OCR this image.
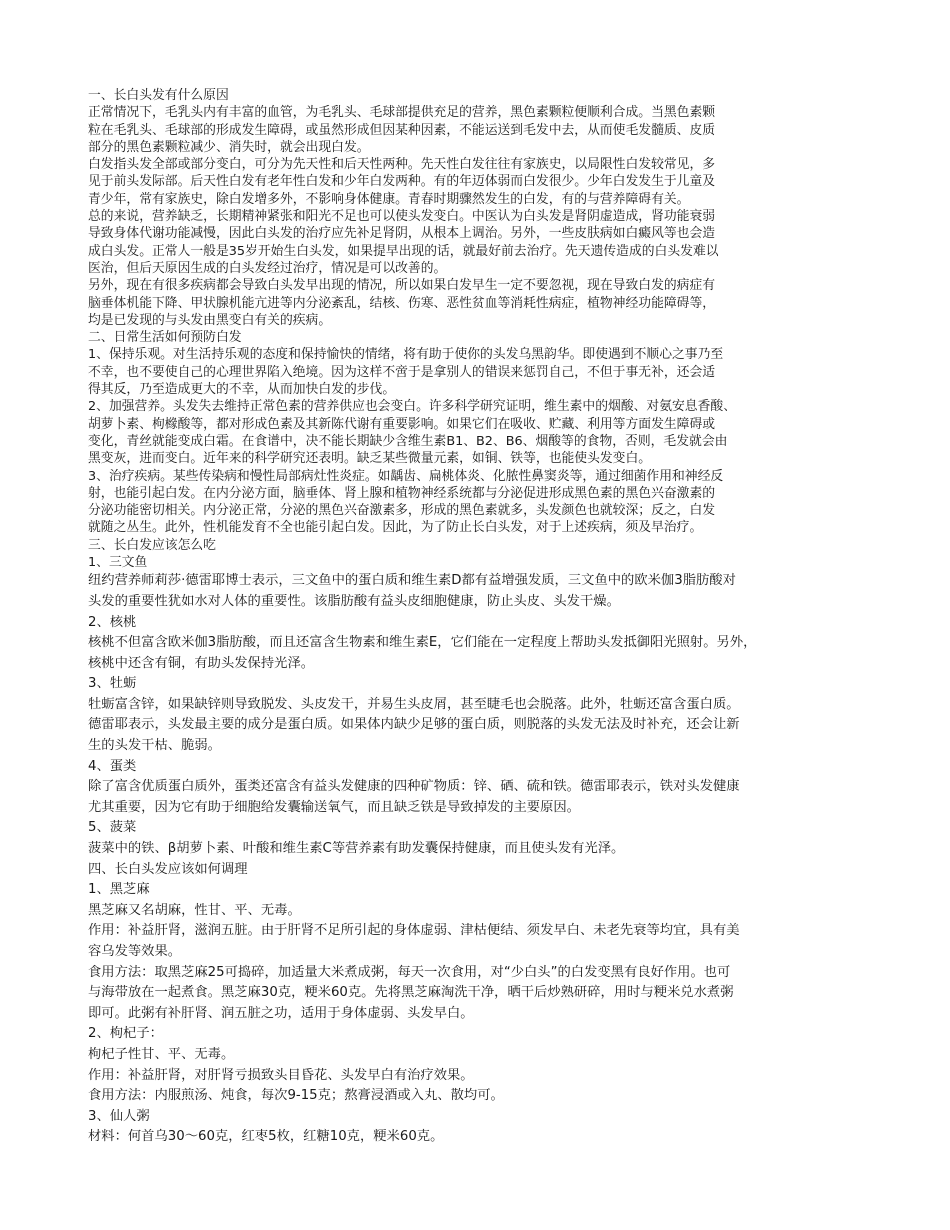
一、长白头发有什么原因
正常情况下，毛乳头内有丰富的血管，为毛乳头、毛球部提供充足的营养，黑色素颗粒便顺利合成。当黑色素颗
粒在毛乳头、毛球部的形成发生障碍，或虽然形成但因某种因素，不能运送到毛发中去，从而使毛发髓质、皮质
部分的黑色素颗粒减少、消失时，就会出现白发。
白发指头发全部或部分变白，可分为先天性和后天性两种。先天性白发往往有家族史，以局限性白发较常见，多
见于前头发际部。后天性白发有老年性白发和少年白发两种。有的年迈体弱而白发很少。少年白发发生于儿童及
青少年，常有家族史，除白发增多外，不影响身体健康。青春时期骤然发生的白发，有的与营养障碍有关。
总的来说，营养缺乏，长期精神紧张和阳光不足也可以使头发变白。中医认为白头发是肾阴虚造成，肾功能衰弱
导致身体代谢功能减慢，因此白头发的治疗应先补足肾阴，从根本上调治。另外，一些皮肤病如白癜风等也会造
成白头发。正常人一般是35岁开始生白头发，如果提早出现的话，就最好前去治疗。先天遗传造成的白头发难以
医治，但后天原因生成的白头发经过治疗，情况是可以改善的。
另外，现在有很多疾病都会导致白头发早出现的情况，所以如果白发早生一定不要忽视，现在导致白发的病症有
脑垂体机能下降、甲状腺机能亢进等内分泌紊乱，结核、伤寒、恶性贫血等消耗性病症，植物神经功能障碍等，
均是已发现的与头发由黑变白有关的疾病。
二、日常生活如何预防白发
1、保持乐观。对生活持乐观的态度和保持愉快的情绪，将有助于使你的头发乌黑韵华。即使遇到不顺心之事乃至
不幸，也不要使自己的心理世界陷入绝境。因为这样不啻于是拿别人的错误来惩罚自己，不但于事无补，还会适
得其反，乃至造成更大的不幸，从而加快白发的步伐。
2、加强营养。头发失去维持正常色素的营养供应也会变白。许多科学研究证明，维生素中的烟酸、对氨安息香酸、
胡萝卜素、枸橼酸等，都对形成色素及其新陈代谢有重要影响。如果它们在吸收、贮藏、利用等方面发生障碍或
变化，青丝就能变成白霜。在食谱中，决不能长期缺少含维生素B1、B2、B6、烟酸等的食物，否则，毛发就会由
黑变灰，进而变白。近年来的科学研究还表明。缺乏某些微量元素，如铜、铁等，也能使头发变白。
3、治疗疾病。某些传染病和慢性局部病灶性炎症。如龋齿、扁桃体炎、化脓性鼻窦炎等，通过细菌作用和神经反
射，也能引起白发。在内分泌方面，脑垂体、肾上腺和植物神经系统都与分泌促进形成黑色素的黑色兴奋激素的
分泌功能密切相关。内分泌正常，分泌的黑色兴奋激素多，形成的黑色素就多，头发颜色也就较深；反之，白发
就随之丛生。此外，性机能发育不全也能引起白发。因此，为了防止长白头发，对于上述疾病，须及早治疗。
三、长白发应该怎么吃
1、三文鱼

纽约营养师莉莎·德雷耶博士表示，三文鱼中的蛋白质和维生素D都有益增强发质，三文鱼中的欧米伽3脂肪酸对
头发的重要性犹如水对人体的重要性。该脂肪酸有益头皮细胞健康，防止头皮、头发干燥。
2、核桃
核桃不但富含欧米伽3脂肪酸，而且还富含生物素和维生素E，它们能在一定程度上帮助头发抵御阳光照射。另外，
核桃中还含有铜，有助头发保持光泽。
3、牡蛎
牡蛎富含锌，如果缺锌则导致脱发、头皮发干，并易生头皮屑，甚至睫毛也会脱落。此外，牡蛎还富含蛋白质。
德雷耶表示，头发最主要的成分是蛋白质。如果体内缺少足够的蛋白质，则脱落的头发无法及时补充，还会让新
生的头发干枯、脆弱。
4、蛋类
除了富含优质蛋白质外，蛋类还富含有益头发健康的四种矿物质：锌、硒、硫和铁。德雷耶表示，铁对头发健康
尤其重要，因为它有助于细胞给发囊输送氧气，而且缺乏铁是导致掉发的主要原因。
5、菠菜
菠菜中的铁、β胡萝卜素、叶酸和维生素C等营养素有助发囊保持健康，而且使头发有光泽。
四、长白头发应该如何调理
1、黑芝麻
黑芝麻又名胡麻，性甘、平、无毒。
作用：补益肝肾，滋润五脏。由于肝肾不足所引起的身体虚弱、津枯便结、须发早白、未老先衰等均宜，具有美
容乌发等效果。
食用方法：取黑芝麻25可捣碎，加适量大米煮成粥，每天一次食用，对“少白头”的白发变黑有良好作用。也可
与海带放在一起煮食。黑芝麻30克，粳米60克。先将黑芝麻淘洗干净，晒干后炒熟研碎，用时与粳米兑水煮粥
即可。此粥有补肝肾、润五脏之功，适用于身体虚弱、头发早白。
2、枸杞子：
枸杞子性甘、平、无毒。
作用：补益肝肾，对肝肾亏损致头目昏花、头发早白有治疗效果。
食用方法：内服煎汤、炖食，每次9-15克；熬膏浸酒或入丸、散均可。
3、仙人粥
材料：何首乌30～60克，红枣5枚，红糖10克，粳米60克。
